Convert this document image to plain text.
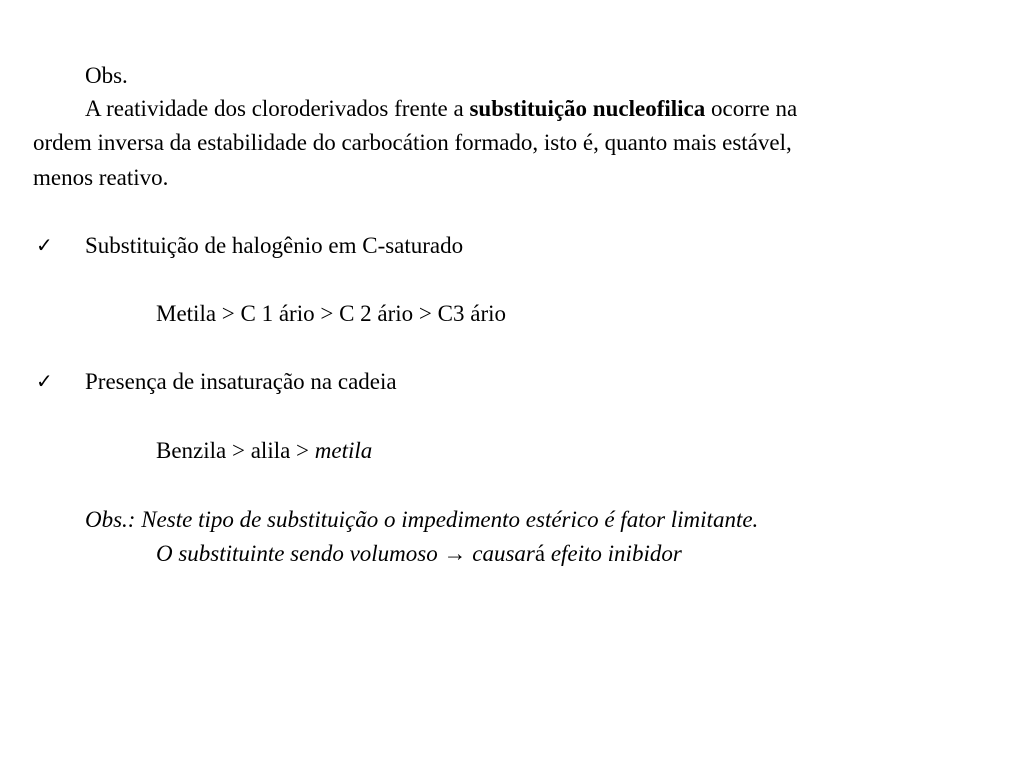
Obs.
A reatividade dos cloroderivados frente a substituição nucleofilica ocorre na
ordem inversa da estabilidade do carbocátion formado, isto é, quanto mais estável,
menos reativo.
✓ Substituição de halogênio em C-saturado
Metila > C 1 ário > C 2 ário > C3 ário
✓ Presença de insaturação na cadeia
Benzila > alila > metila
Obs.: Neste tipo de substituição o impedimento estérico é fator limitante.
O substituinte sendo volumoso → causará efeito inibidor
